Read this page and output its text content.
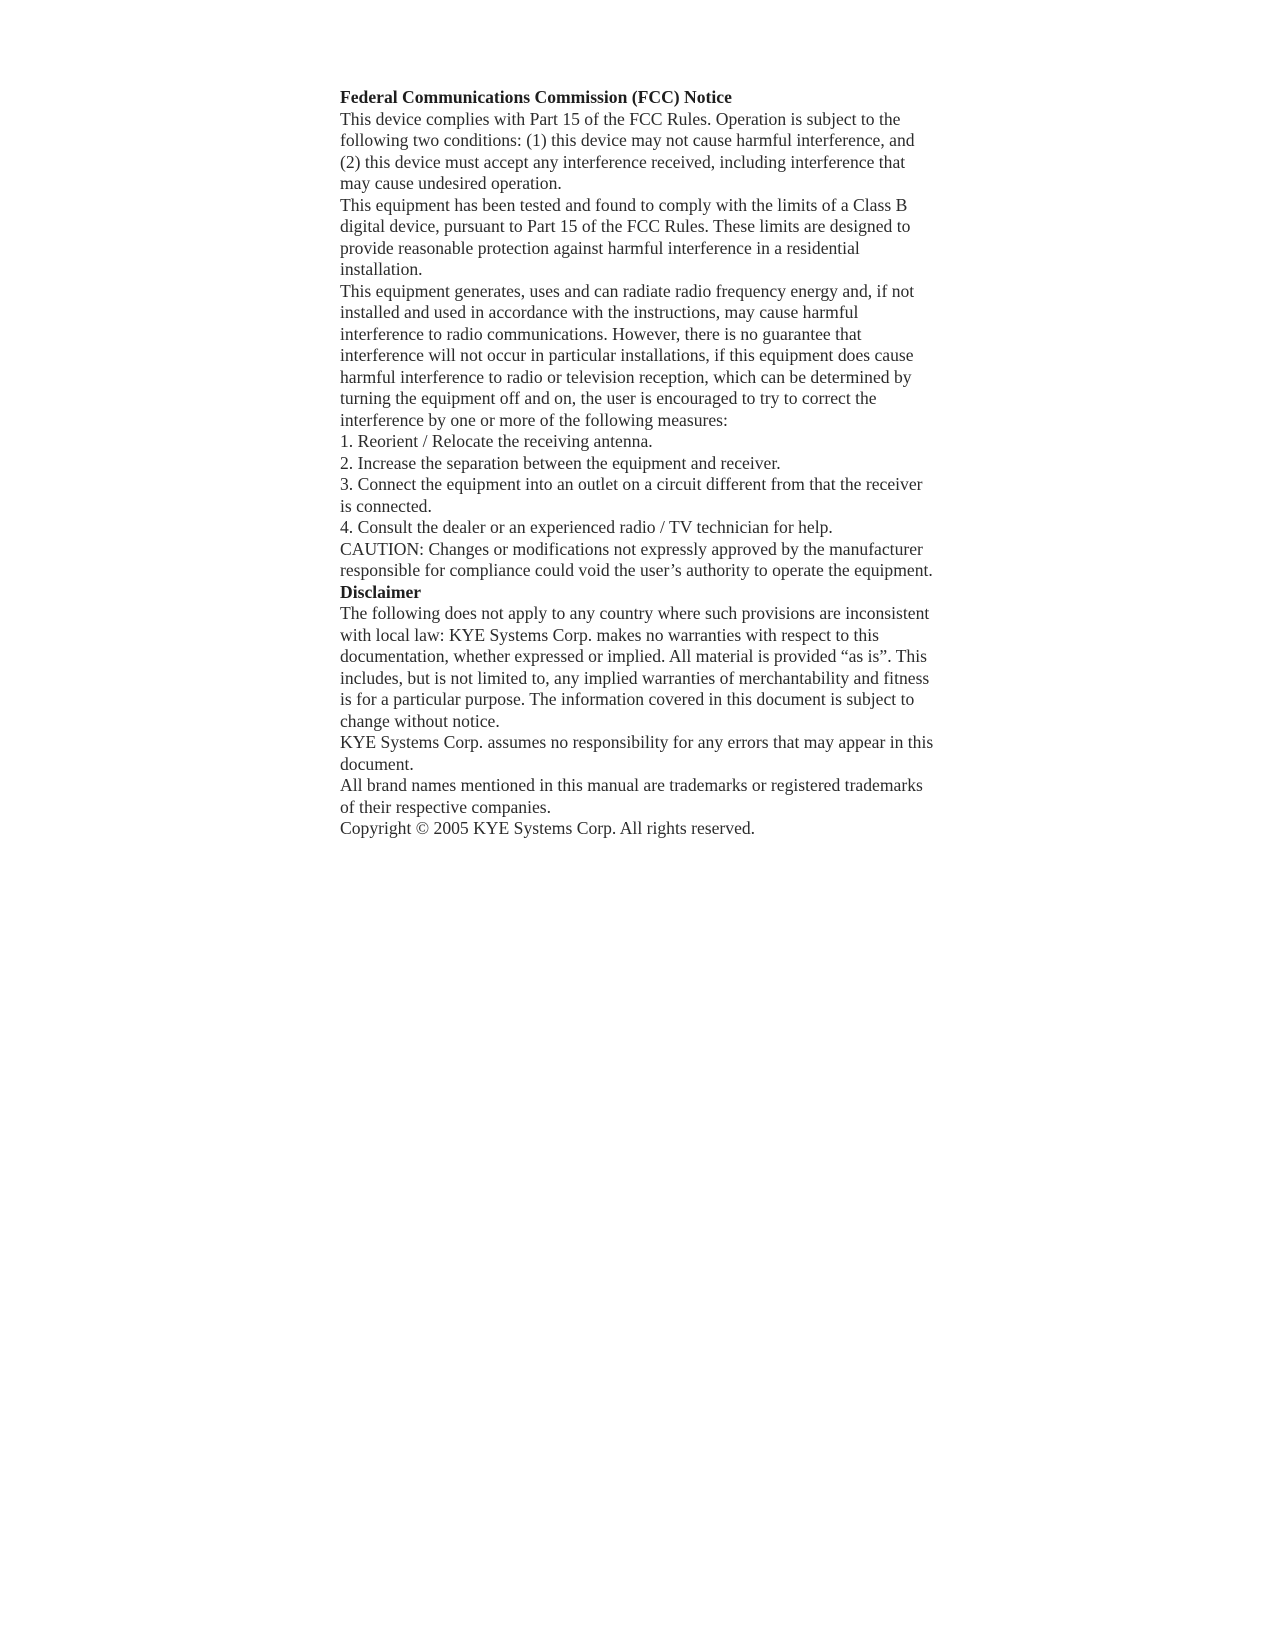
Federal Communications Commission (FCC) Notice

This device complies with Part 15 of the FCC Rules. Operation is subject to the following two conditions: (1) this device may not cause harmful interference, and (2) this device must accept any interference received, including interference that may cause undesired operation.

This equipment has been tested and found to comply with the limits of a Class B digital device, pursuant to Part 15 of the FCC Rules. These limits are designed to provide reasonable protection against harmful interference in a residential installation.

This equipment generates, uses and can radiate radio frequency energy and, if not installed and used in accordance with the instructions, may cause harmful interference to radio communications. However, there is no guarantee that interference will not occur in particular installations, if this equipment does cause harmful interference to radio or television reception, which can be determined by turning the equipment off and on, the user is encouraged to try to correct the interference by one or more of the following measures:

1. Reorient / Relocate the receiving antenna.

2. Increase the separation between the equipment and receiver.

3. Connect the equipment into an outlet on a circuit different from that the receiver is connected.

4. Consult the dealer or an experienced radio / TV technician for help.

CAUTION: Changes or modifications not expressly approved by the manufacturer responsible for compliance could void the user’s authority to operate the equipment.

Disclaimer

The following does not apply to any country where such provisions are inconsistent with local law: KYE Systems Corp. makes no warranties with respect to this documentation, whether expressed or implied. All material is provided “as is”. This includes, but is not limited to, any implied warranties of merchantability and fitness is for a particular purpose. The information covered in this document is subject to change without notice.

KYE Systems Corp. assumes no responsibility for any errors that may appear in this document.

All brand names mentioned in this manual are trademarks or registered trademarks of their respective companies.

Copyright © 2005 KYE Systems Corp. All rights reserved.
